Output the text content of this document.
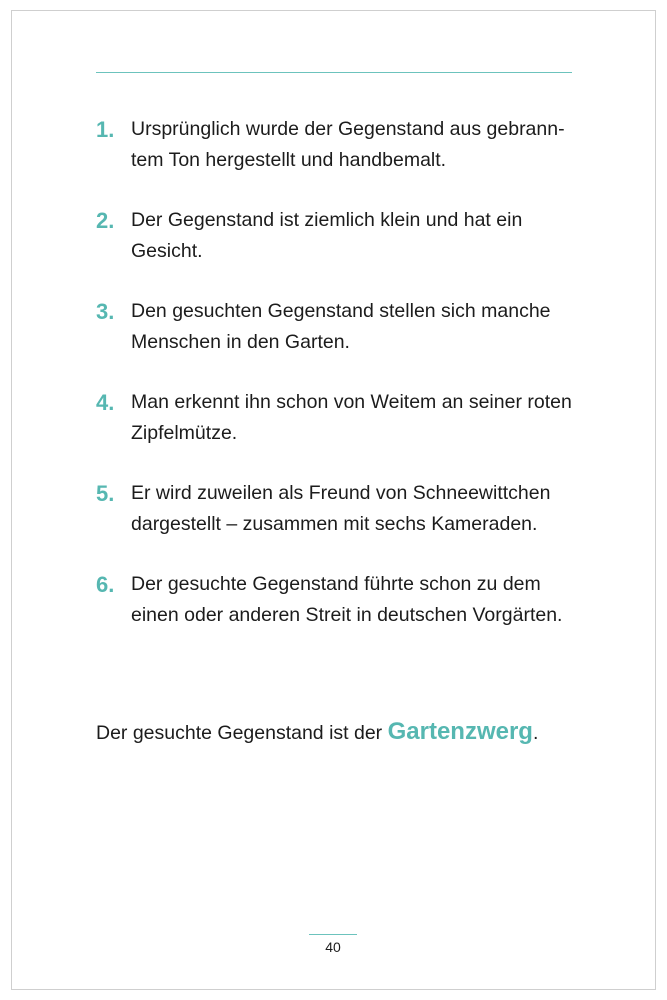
1. Ursprünglich wurde der Gegenstand aus gebrann-
tem Ton hergestellt und handbemalt.
2. Der Gegenstand ist ziemlich klein und hat ein
Gesicht.
3. Den gesuchten Gegenstand stellen sich manche
Menschen in den Garten.
4. Man erkennt ihn schon von Weitem an seiner roten
Zipfelmütze.
5. Er wird zuweilen als Freund von Schneewittchen
dargestellt – zusammen mit sechs Kameraden.
6. Der gesuchte Gegenstand führte schon zu dem
einen oder anderen Streit in deutschen Vorgärten.

Der gesuchte Gegenstand ist der Gartenzwerg.

40
